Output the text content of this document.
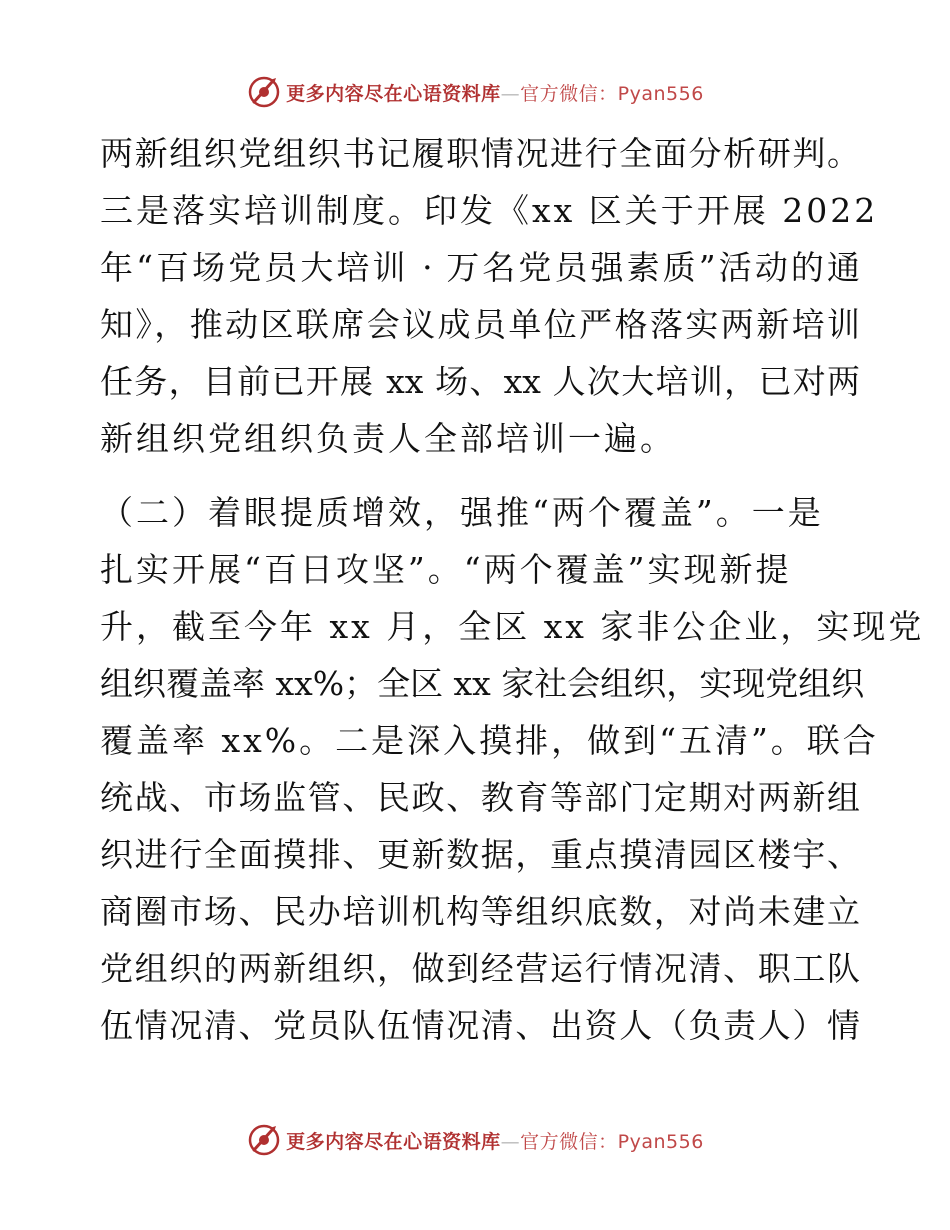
更多内容尽在心语资料库 — 官方微信：Pyan556
两新组织党组织书记履职情况进行全面分析研判。
三是落实培训制度。印发《xx 区关于开展 2022
年“百场党员大培训 · 万名党员强素质”活动的通
知》，推动区联席会议成员单位严格落实两新培训
任务，目前已开展 xx 场、xx 人次大培训，已对两
新组织党组织负责人全部培训一遍。
（二）着眼提质增效，强推“两个覆盖”。一是
扎实开展“百日攻坚”。“两个覆盖”实现新提
升，截至今年 xx 月，全区 xx 家非公企业，实现党
组织覆盖率 xx%；全区 xx 家社会组织，实现党组织
覆盖率 xx%。二是深入摸排，做到“五清”。联合
统战、市场监管、民政、教育等部门定期对两新组
织进行全面摸排、更新数据，重点摸清园区楼宇、
商圈市场、民办培训机构等组织底数，对尚未建立
党组织的两新组织，做到经营运行情况清、职工队
伍情况清、党员队伍情况清、出资人（负责人）情
更多内容尽在心语资料库 — 官方微信：Pyan556
